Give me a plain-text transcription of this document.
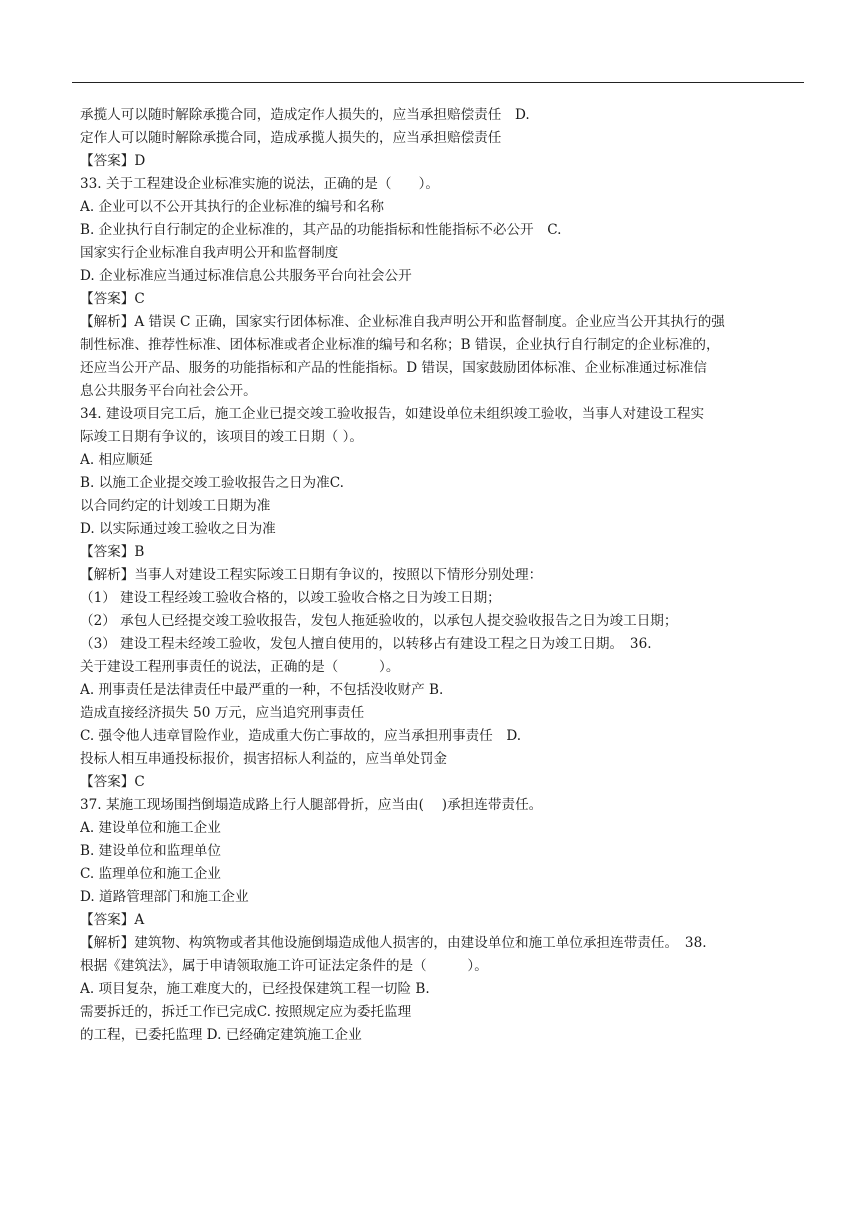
承揽人可以随时解除承揽合同，造成定作人损失的，应当承担赔偿责任　D.
定作人可以随时解除承揽合同，造成承揽人损失的，应当承担赔偿责任
【答案】D
33. 关于工程建设企业标准实施的说法，正确的是（　　）。
A. 企业可以不公开其执行的企业标准的编号和名称
B. 企业执行自行制定的企业标准的，其产品的功能指标和性能指标不必公开　C.
国家实行企业标准自我声明公开和监督制度
D. 企业标准应当通过标准信息公共服务平台向社会公开
【答案】C
【解析】A 错误 C 正确，国家实行团体标准、企业标准自我声明公开和监督制度。企业应当公开其执行的强
制性标准、推荐性标准、团体标准或者企业标准的编号和名称；B 错误，企业执行自行制定的企业标准的，
还应当公开产品、服务的功能指标和产品的性能指标。D 错误，国家鼓励团体标准、企业标准通过标准信
息公共服务平台向社会公开。
34. 建设项目完工后，施工企业已提交竣工验收报告，如建设单位未组织竣工验收，当事人对建设工程实
际竣工日期有争议的，该项目的竣工日期（ ）。
A. 相应顺延
B. 以施工企业提交竣工验收报告之日为准C.
以合同约定的计划竣工日期为准
D. 以实际通过竣工验收之日为准
【答案】B
【解析】当事人对建设工程实际竣工日期有争议的，按照以下情形分别处理：
（1） 建设工程经竣工验收合格的，以竣工验收合格之日为竣工日期；
（2） 承包人已经提交竣工验收报告，发包人拖延验收的，以承包人提交验收报告之日为竣工日期；
（3） 建设工程未经竣工验收，发包人擅自使用的，以转移占有建设工程之日为竣工日期。　36.
关于建设工程刑事责任的说法，正确的是（　　　）。
A. 刑事责任是法律责任中最严重的一种，不包括没收财产 B.
造成直接经济损失 50 万元，应当追究刑事责任
C. 强令他人违章冒险作业，造成重大伤亡事故的，应当承担刑事责任　D.
投标人相互串通投标报价，损害招标人利益的，应当单处罚金
【答案】C
37. 某施工现场围挡倒塌造成路上行人腿部骨折，应当由(　 )承担连带责任。
A. 建设单位和施工企业
B. 建设单位和监理单位
C. 监理单位和施工企业
D. 道路管理部门和施工企业
【答案】A
【解析】建筑物、构筑物或者其他设施倒塌造成他人损害的，由建设单位和施工单位承担连带责任。　38.
根据《建筑法》，属于申请领取施工许可证法定条件的是（　　　）。
A. 项目复杂，施工难度大的，已经投保建筑工程一切险 B.
需要拆迁的，拆迁工作已完成C. 按照规定应为委托监理
的工程，已委托监理 D. 已经确定建筑施工企业
